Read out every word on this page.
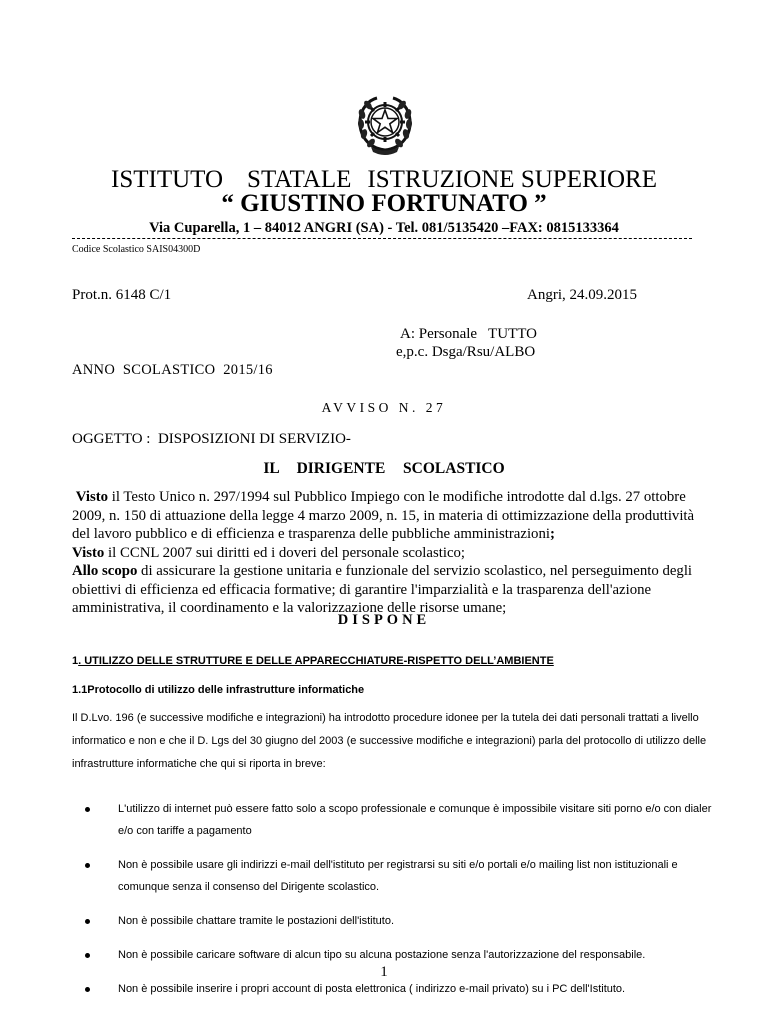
ISTITUTO STATALE ISTRUZIONE SUPERIORE
“ GIUSTINO FORTUNATO ”
Via Cuparella, 1 – 84012 ANGRI (SA) - Tel. 081/5135420 –FAX: 0815133364
Codice Scolastico SAIS04300D
Prot.n. 6148 C/1	Angri, 24.09.2015
A: Personale   TUTTO
e,p.c. Dsga/Rsu/ALBO
ANNO  SCOLASTICO  2015/16
AVVISO N. 27
OGGETTO :  DISPOSIZIONI DI SERVIZIO-
IL  DIRIGENTE  SCOLASTICO

Visto il Testo Unico n. 297/1994 sul Pubblico Impiego con le modifiche introdotte dal d.lgs. 27 ottobre 2009, n. 150 di attuazione della legge 4 marzo 2009, n. 15, in materia di ottimizzazione della produttività del lavoro pubblico e di efficienza e trasparenza delle pubbliche amministrazioni;

Visto il CCNL 2007 sui diritti ed i doveri del personale scolastico;

Allo scopo di assicurare la gestione unitaria e funzionale del servizio scolastico, nel perseguimento degli obiettivi di efficienza ed efficacia formative; di garantire l'imparzialità e la trasparenza dell'azione amministrativa, il coordinamento e la valorizzazione delle risorse umane;

DISPONE
1. UTILIZZO DELLE STRUTTURE E DELLE APPARECCHIATURE-RISPETTO DELL’AMBIENTE
1.1Protocollo di utilizzo delle infrastrutture informatiche
Il D.Lvo. 196 (e successive modifiche e integrazioni) ha introdotto procedure idonee per la tutela dei dati personali trattati a livello informatico e non e che il D. Lgs del 30 giugno del 2003 (e successive modifiche e integrazioni) parla del protocollo di utilizzo delle infrastrutture informatiche che qui si riporta in breve:
L'utilizzo di internet può essere fatto solo a scopo professionale e comunque è impossibile visitare siti porno e/o con dialer e/o con tariffe a pagamento
Non è possibile usare gli indirizzi e-mail dell'istituto per registrarsi su siti e/o portali e/o mailing list non istituzionali e comunque senza il consenso del Dirigente scolastico.
Non è possibile chattare tramite le postazioni dell'istituto.
Non è possibile caricare software di alcun tipo su alcuna postazione senza l'autorizzazione del responsabile.
Non è possibile inserire i propri account di posta elettronica ( indirizzo e-mail privato) su i PC dell'Istituto.
1
